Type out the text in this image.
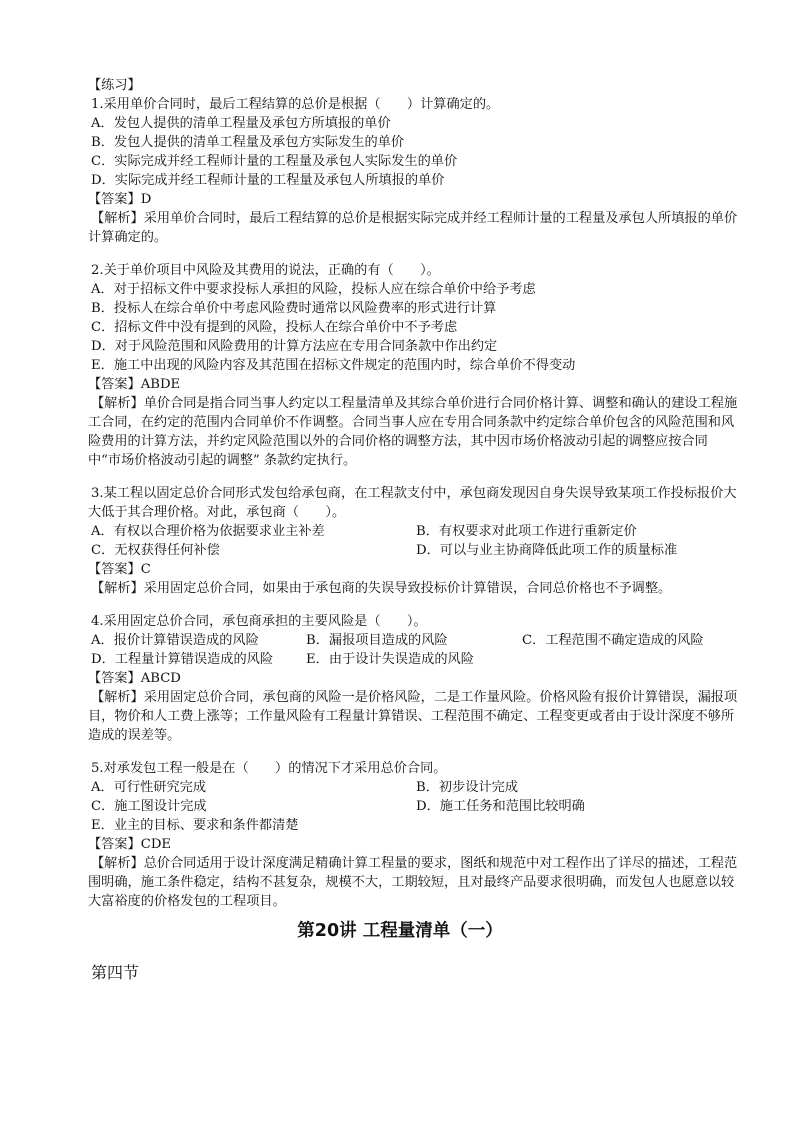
【练习】
1.采用单价合同时，最后工程结算的总价是根据（　　）计算确定的。
A．发包人提供的清单工程量及承包方所填报的单价
B．发包人提供的清单工程量及承包方实际发生的单价
C．实际完成并经工程师计量的工程量及承包人实际发生的单价
D．实际完成并经工程师计量的工程量及承包人所填报的单价
【答案】D
【解析】采用单价合同时，最后工程结算的总价是根据实际完成并经工程师计量的工程量及承包人所填报的单价计算确定的。
2.关于单价项目中风险及其费用的说法，正确的有（　　）。
A．对于招标文件中要求投标人承担的风险，投标人应在综合单价中给予考虑
B．投标人在综合单价中考虑风险费时通常以风险费率的形式进行计算
C．招标文件中没有提到的风险，投标人在综合单价中不予考虑
D．对于风险范围和风险费用的计算方法应在专用合同条款中作出约定
E．施工中出现的风险内容及其范围在招标文件规定的范围内时，综合单价不得变动
【答案】ABDE
【解析】单价合同是指合同当事人约定以工程量清单及其综合单价进行合同价格计算、调整和确认的建设工程施工合同，在约定的范围内合同单价不作调整。合同当事人应在专用合同条款中约定综合单价包含的风险范围和风险费用的计算方法，并约定风险范围以外的合同价格的调整方法，其中因市场价格波动引起的调整应按合同中“市场价格波动引起的调整” 条款约定执行。
3.某工程以固定总价合同形式发包给承包商，在工程款支付中，承包商发现因自身失误导致某项工作投标报价大大低于其合理价格。对此，承包商（　　）。
A．有权以合理价格为依据要求业主补差	B．有权要求对此项工作进行重新定价
C．无权获得任何补偿	D．可以与业主协商降低此项工作的质量标准
【答案】C
【解析】采用固定总价合同，如果由于承包商的失误导致投标价计算错误，合同总价格也不予调整。
4.采用固定总价合同，承包商承担的主要风险是（　　）。
A．报价计算错误造成的风险	B．漏报项目造成的风险	C．工程范围不确定造成的风险
D．工程量计算错误造成的风险	E．由于设计失误造成的风险
【答案】ABCD
【解析】采用固定总价合同，承包商的风险一是价格风险，二是工作量风险。价格风险有报价计算错误，漏报项目，物价和人工费上涨等；工作量风险有工程量计算错误、工程范围不确定、工程变更或者由于设计深度不够所造成的误差等。
5.对承发包工程一般是在（　　）的情况下才采用总价合同。
A．可行性研究完成	B．初步设计完成
C．施工图设计完成	D．施工任务和范围比较明确
E．业主的目标、要求和条件都清楚
【答案】CDE
【解析】总价合同适用于设计深度满足精确计算工程量的要求，图纸和规范中对工程作出了详尽的描述，工程范围明确，施工条件稳定，结构不甚复杂，规模不大，工期较短，且对最终产品要求很明确，而发包人也愿意以较大富裕度的价格发包的工程项目。
第20讲 工程量清单（一）
第四节
